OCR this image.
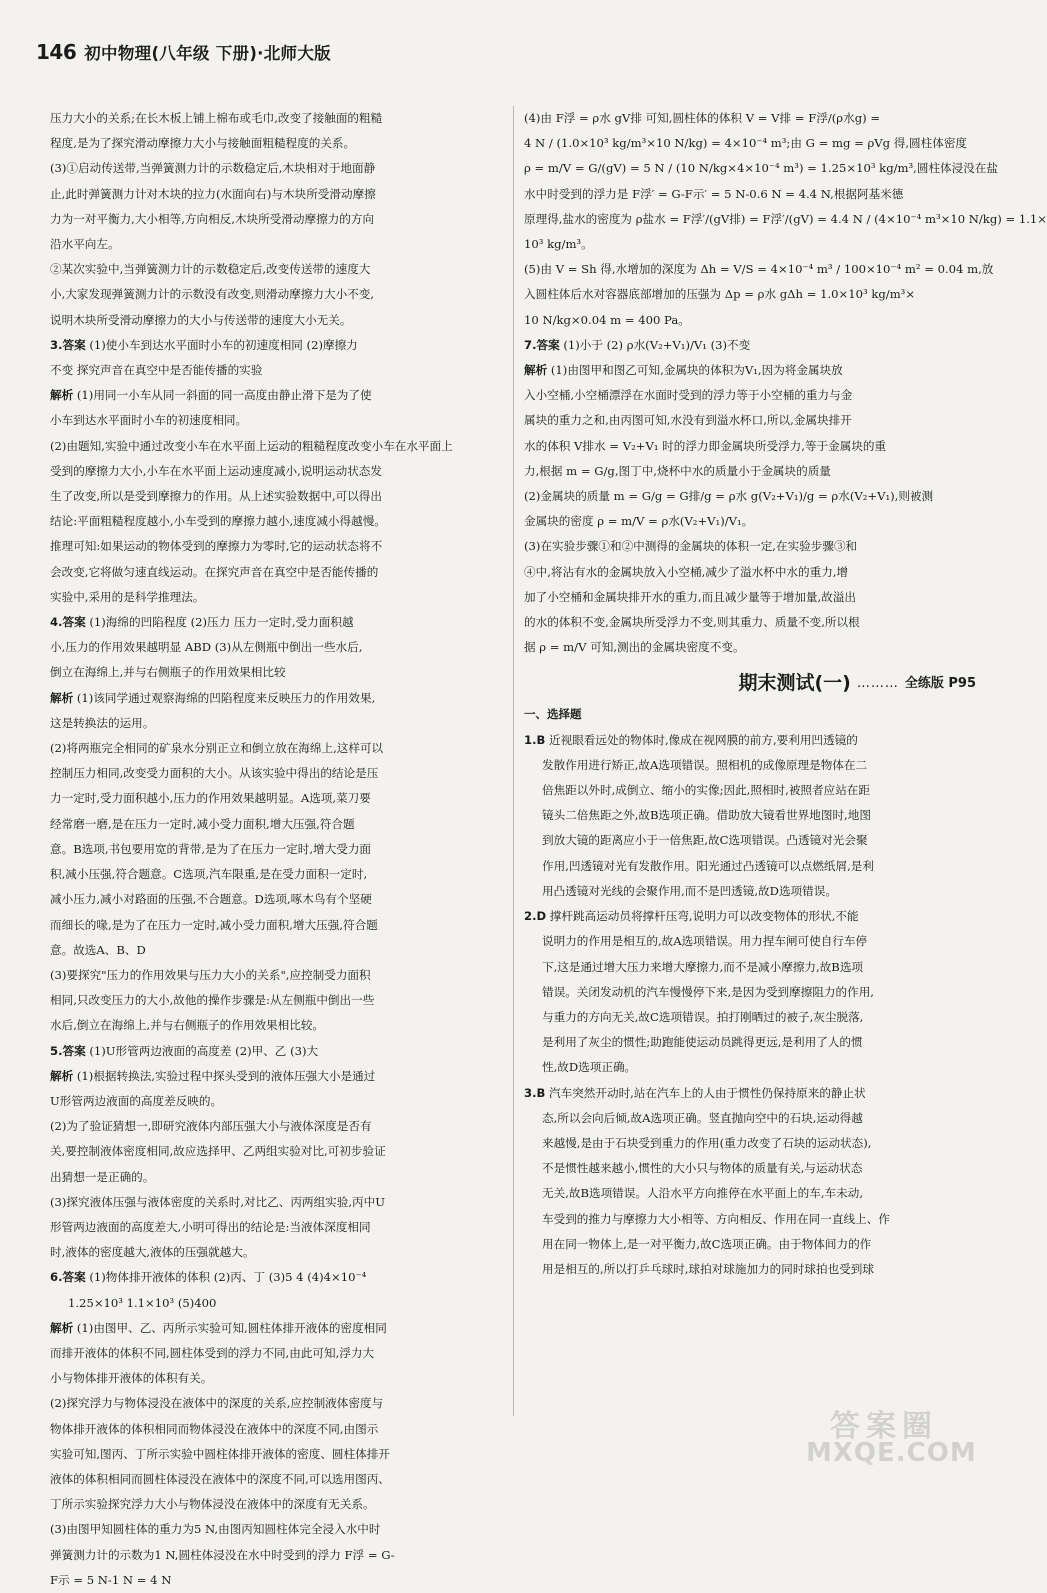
146 初中物理(八年级 下册)·北师大版
压力大小的关系;在长木板上铺上棉布或毛巾,改变了接触面的粗糙
程度,是为了探究滑动摩擦力大小与接触面粗糙程度的关系。
(3)①启动传送带,当弹簧测力计的示数稳定后,木块相对于地面静
止,此时弹簧测力计对木块的拉力(水面向右)与木块所受滑动摩擦
力为一对平衡力,大小相等,方向相反,木块所受滑动摩擦力的方向
沿水平向左。
②某次实验中,当弹簧测力计的示数稳定后,改变传送带的速度大
小,大家发现弹簧测力计的示数没有改变,则滑动摩擦力大小不变,
说明木块所受滑动摩擦力的大小与传送带的速度大小无关。
3.答案 (1)使小车到达水平面时小车的初速度相同 (2)摩擦力
不变 探究声音在真空中是否能传播的实验
解析 (1)用同一小车从同一斜面的同一高度由静止滑下是为了使
小车到达水平面时小车的初速度相同。
(2)由题知,实验中通过改变小车在水平面上运动的粗糙程度改变小车在水平面上
受到的摩擦力大小,小车在水平面上运动速度减小,说明运动状态发
生了改变,所以是受到摩擦力的作用。从上述实验数据中,可以得出
结论:平面粗糙程度越小,小车受到的摩擦力越小,速度减小得越慢。
推理可知:如果运动的物体受到的摩擦力为零时,它的运动状态将不
会改变,它将做匀速直线运动。在探究声音在真空中是否能传播的
实验中,采用的是科学推理法。
4.答案 (1)海绵的凹陷程度 (2)压力 压力一定时,受力面积越
小,压力的作用效果越明显 ABD (3)从左侧瓶中倒出一些水后,
倒立在海绵上,并与右侧瓶子的作用效果相比较
解析 (1)该同学通过观察海绵的凹陷程度来反映压力的作用效果,
这是转换法的运用。
(2)将两瓶完全相同的矿泉水分别正立和倒立放在海绵上,这样可以
控制压力相同,改变受力面积的大小。从该实验中得出的结论是压
力一定时,受力面积越小,压力的作用效果越明显。A选项,菜刀要
经常磨一磨,是在压力一定时,减小受力面积,增大压强,符合题
意。B选项,书包要用宽的背带,是为了在压力一定时,增大受力面
积,减小压强,符合题意。C选项,汽车限重,是在受力面积一定时,
减小压力,减小对路面的压强,不合题意。D选项,啄木鸟有个坚硬
而细长的喙,是为了在压力一定时,减小受力面积,增大压强,符合题
意。故选A、B、D
(3)要探究"压力的作用效果与压力大小的关系",应控制受力面积
相同,只改变压力的大小,故他的操作步骤是:从左侧瓶中倒出一些
水后,倒立在海绵上,并与右侧瓶子的作用效果相比较。
5.答案 (1)U形管两边液面的高度差 (2)甲、乙 (3)大
解析 (1)根据转换法,实验过程中探头受到的液体压强大小是通过
U形管两边液面的高度差反映的。
(2)为了验证猜想一,即研究液体内部压强大小与液体深度是否有
关,要控制液体密度相同,故应选择甲、乙两组实验对比,可初步验证
出猜想一是正确的。
(3)探究液体压强与液体密度的关系时,对比乙、丙两组实验,丙中U
形管两边液面的高度差大,小明可得出的结论是:当液体深度相同
时,液体的密度越大,液体的压强就越大。
6.答案 (1)物体排开液体的体积 (2)丙、丁 (3)5 4 (4)4×10⁻⁴
1.25×10³ 1.1×10³ (5)400
解析 (1)由图甲、乙、丙所示实验可知,圆柱体排开液体的密度相同
而排开液体的体积不同,圆柱体受到的浮力不同,由此可知,浮力大
小与物体排开液体的体积有关。
(2)探究浮力与物体浸没在液体中的深度的关系,应控制液体密度与
物体排开液体的体积相同而物体浸没在液体中的深度不同,由图示
实验可知,图丙、丁所示实验中圆柱体排开液体的密度、圆柱体排开
液体的体积相同而圆柱体浸没在液体中的深度不同,可以选用图丙、
丁所示实验探究浮力大小与物体浸没在液体中的深度有无关系。
(3)由图甲知圆柱体的重力为5 N,由图丙知圆柱体完全浸入水中时
弹簧测力计的示数为1 N,圆柱体浸没在水中时受到的浮力 F浮 = G-
F示 = 5 N-1 N = 4 N
(4)由 F浮 = ρ水 gV排 可知,圆柱体的体积 V = V排 = F浮/(ρ水g) =
4 N / (1.0×10³ kg/m³×10 N/kg) = 4×10⁻⁴ m³;由 G = mg = ρVg 得,圆柱体密度
ρ = m/V = G/(gV) = 5 N / (10 N/kg×4×10⁻⁴ m³) = 1.25×10³ kg/m³,圆柱体浸没在盐
水中时受到的浮力是 F浮′ = G-F示′ = 5 N-0.6 N = 4.4 N,根据阿基米德
原理得,盐水的密度为 ρ盐水 = F浮′/(gV排) = F浮′/(gV) = 4.4 N / (4×10⁻⁴ m³×10 N/kg) = 1.1×
10³ kg/m³。
(5)由 V = Sh 得,水增加的深度为 Δh = V/S = 4×10⁻⁴ m³ / 100×10⁻⁴ m² = 0.04 m,放
入圆柱体后水对容器底部增加的压强为 Δp = ρ水 gΔh = 1.0×10³ kg/m³×
10 N/kg×0.04 m = 400 Pa。
7.答案 (1)小于 (2) ρ水(V₂+V₁)/V₁ (3)不变
解析 (1)由图甲和图乙可知,金属块的体积为V₁,因为将金属块放
入小空桶,小空桶漂浮在水面时受到的浮力等于小空桶的重力与金
属块的重力之和,由丙图可知,水没有到溢水杯口,所以,金属块排开
水的体积 V排水 = V₂+V₁ 时的浮力即金属块所受浮力,等于金属块的重
力,根据 m = G/g,图丁中,烧杯中水的质量小于金属块的质量
(2)金属块的质量 m = G/g = G排/g = ρ水 g(V₂+V₁)/g = ρ水(V₂+V₁),则被测
金属块的密度 ρ = m/V = ρ水(V₂+V₁)/V₁。
(3)在实验步骤①和②中测得的金属块的体积一定,在实验步骤③和
④中,将沾有水的金属块放入小空桶,减少了溢水杯中水的重力,增
加了小空桶和金属块排开水的重力,而且减少量等于增加量,故溢出
的水的体积不变,金属块所受浮力不变,则其重力、质量不变,所以根
据 ρ = m/V 可知,测出的金属块密度不变。
期末测试(一) ……… 全练版 P95
一、选择题
1.B 近视眼看远处的物体时,像成在视网膜的前方,要利用凹透镜的
发散作用进行矫正,故A选项错误。照相机的成像原理是物体在二
倍焦距以外时,成倒立、缩小的实像;因此,照相时,被照者应站在距
镜头二倍焦距之外,故B选项正确。借助放大镜看世界地图时,地图
到放大镜的距离应小于一倍焦距,故C选项错误。凸透镜对光会聚
作用,凹透镜对光有发散作用。阳光通过凸透镜可以点燃纸屑,是利
用凸透镜对光线的会聚作用,而不是凹透镜,故D选项错误。
2.D 撑杆跳高运动员将撑杆压弯,说明力可以改变物体的形状,不能
说明力的作用是相互的,故A选项错误。用力捏车闸可使自行车停
下,这是通过增大压力来增大摩擦力,而不是减小摩擦力,故B选项
错误。关闭发动机的汽车慢慢停下来,是因为受到摩擦阻力的作用,
与重力的方向无关,故C选项错误。拍打刚晒过的被子,灰尘脱落,
是利用了灰尘的惯性;助跑能使运动员跳得更远,是利用了人的惯
性,故D选项正确。
3.B 汽车突然开动时,站在汽车上的人由于惯性仍保持原来的静止状
态,所以会向后倾,故A选项正确。竖直抛向空中的石块,运动得越
来越慢,是由于石块受到重力的作用(重力改变了石块的运动状态),
不是惯性越来越小,惯性的大小只与物体的质量有关,与运动状态
无关,故B选项错误。人沿水平方向推停在水平面上的车,车未动,
车受到的推力与摩擦力大小相等、方向相反、作用在同一直线上、作
用在同一物体上,是一对平衡力,故C选项正确。由于物体间力的作
用是相互的,所以打乒乓球时,球拍对球施加力的同时球拍也受到球
答案圈
MXQE.COM
